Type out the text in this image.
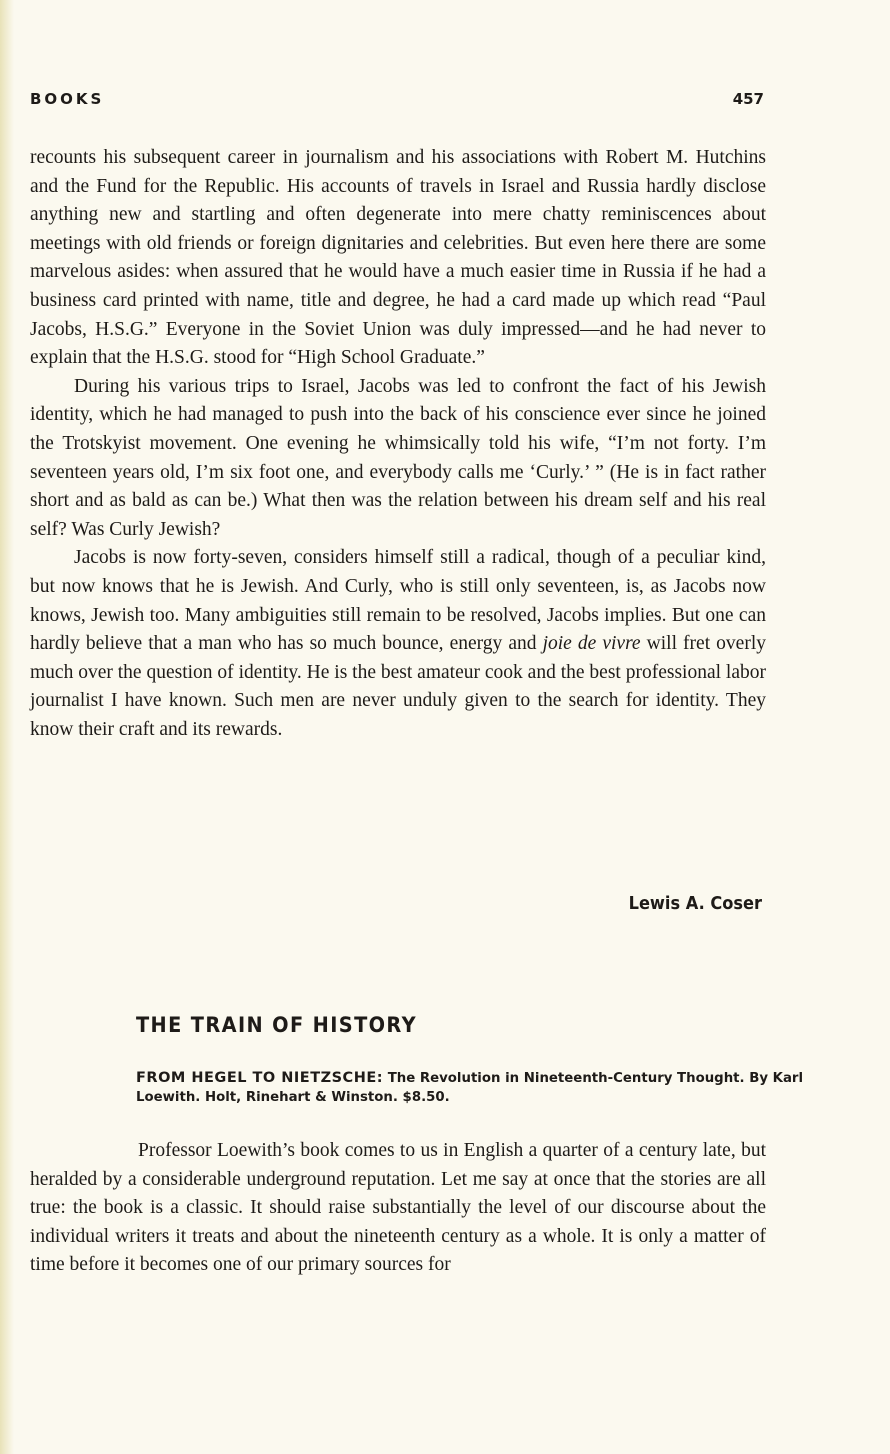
BOOKS	457

recounts his subsequent career in journalism and his associations with Robert M. Hutchins and the Fund for the Republic. His accounts of travels in Israel and Russia hardly disclose anything new and startling and often degenerate into mere chatty reminiscences about meetings with old friends or foreign dignitaries and celebrities. But even here there are some marvelous asides: when assured that he would have a much easier time in Russia if he had a business card printed with name, title and degree, he had a card made up which read “Paul Jacobs, H.S.G.” Everyone in the Soviet Union was duly impressed—and he had never to explain that the H.S.G. stood for “High School Graduate.”

During his various trips to Israel, Jacobs was led to confront the fact of his Jewish identity, which he had managed to push into the back of his conscience ever since he joined the Trotskyist movement. One evening he whimsically told his wife, “I’m not forty. I’m seventeen years old, I’m six foot one, and everybody calls me ‘Curly.’ ” (He is in fact rather short and as bald as can be.) What then was the relation between his dream self and his real self? Was Curly Jewish?

Jacobs is now forty-seven, considers himself still a radical, though of a peculiar kind, but now knows that he is Jewish. And Curly, who is still only seventeen, is, as Jacobs now knows, Jewish too. Many ambiguities still remain to be resolved, Jacobs implies. But one can hardly believe that a man who has so much bounce, energy and joie de vivre will fret overly much over the question of identity. He is the best amateur cook and the best professional labor journalist I have known. Such men are never unduly given to the search for identity. They know their craft and its rewards.

Lewis A. Coser
THE TRAIN OF HISTORY
FROM HEGEL TO NIETZSCHE: The Revolution in Nineteenth-Century Thought. By Karl Loewith. Holt, Rinehart & Winston. $8.50.

Professor Loewith’s book comes to us in English a quarter of a century late, but heralded by a considerable underground reputation. Let me say at once that the stories are all true: the book is a classic. It should raise substantially the level of our discourse about the individual writers it treats and about the nineteenth century as a whole. It is only a matter of time before it becomes one of our primary sources for
